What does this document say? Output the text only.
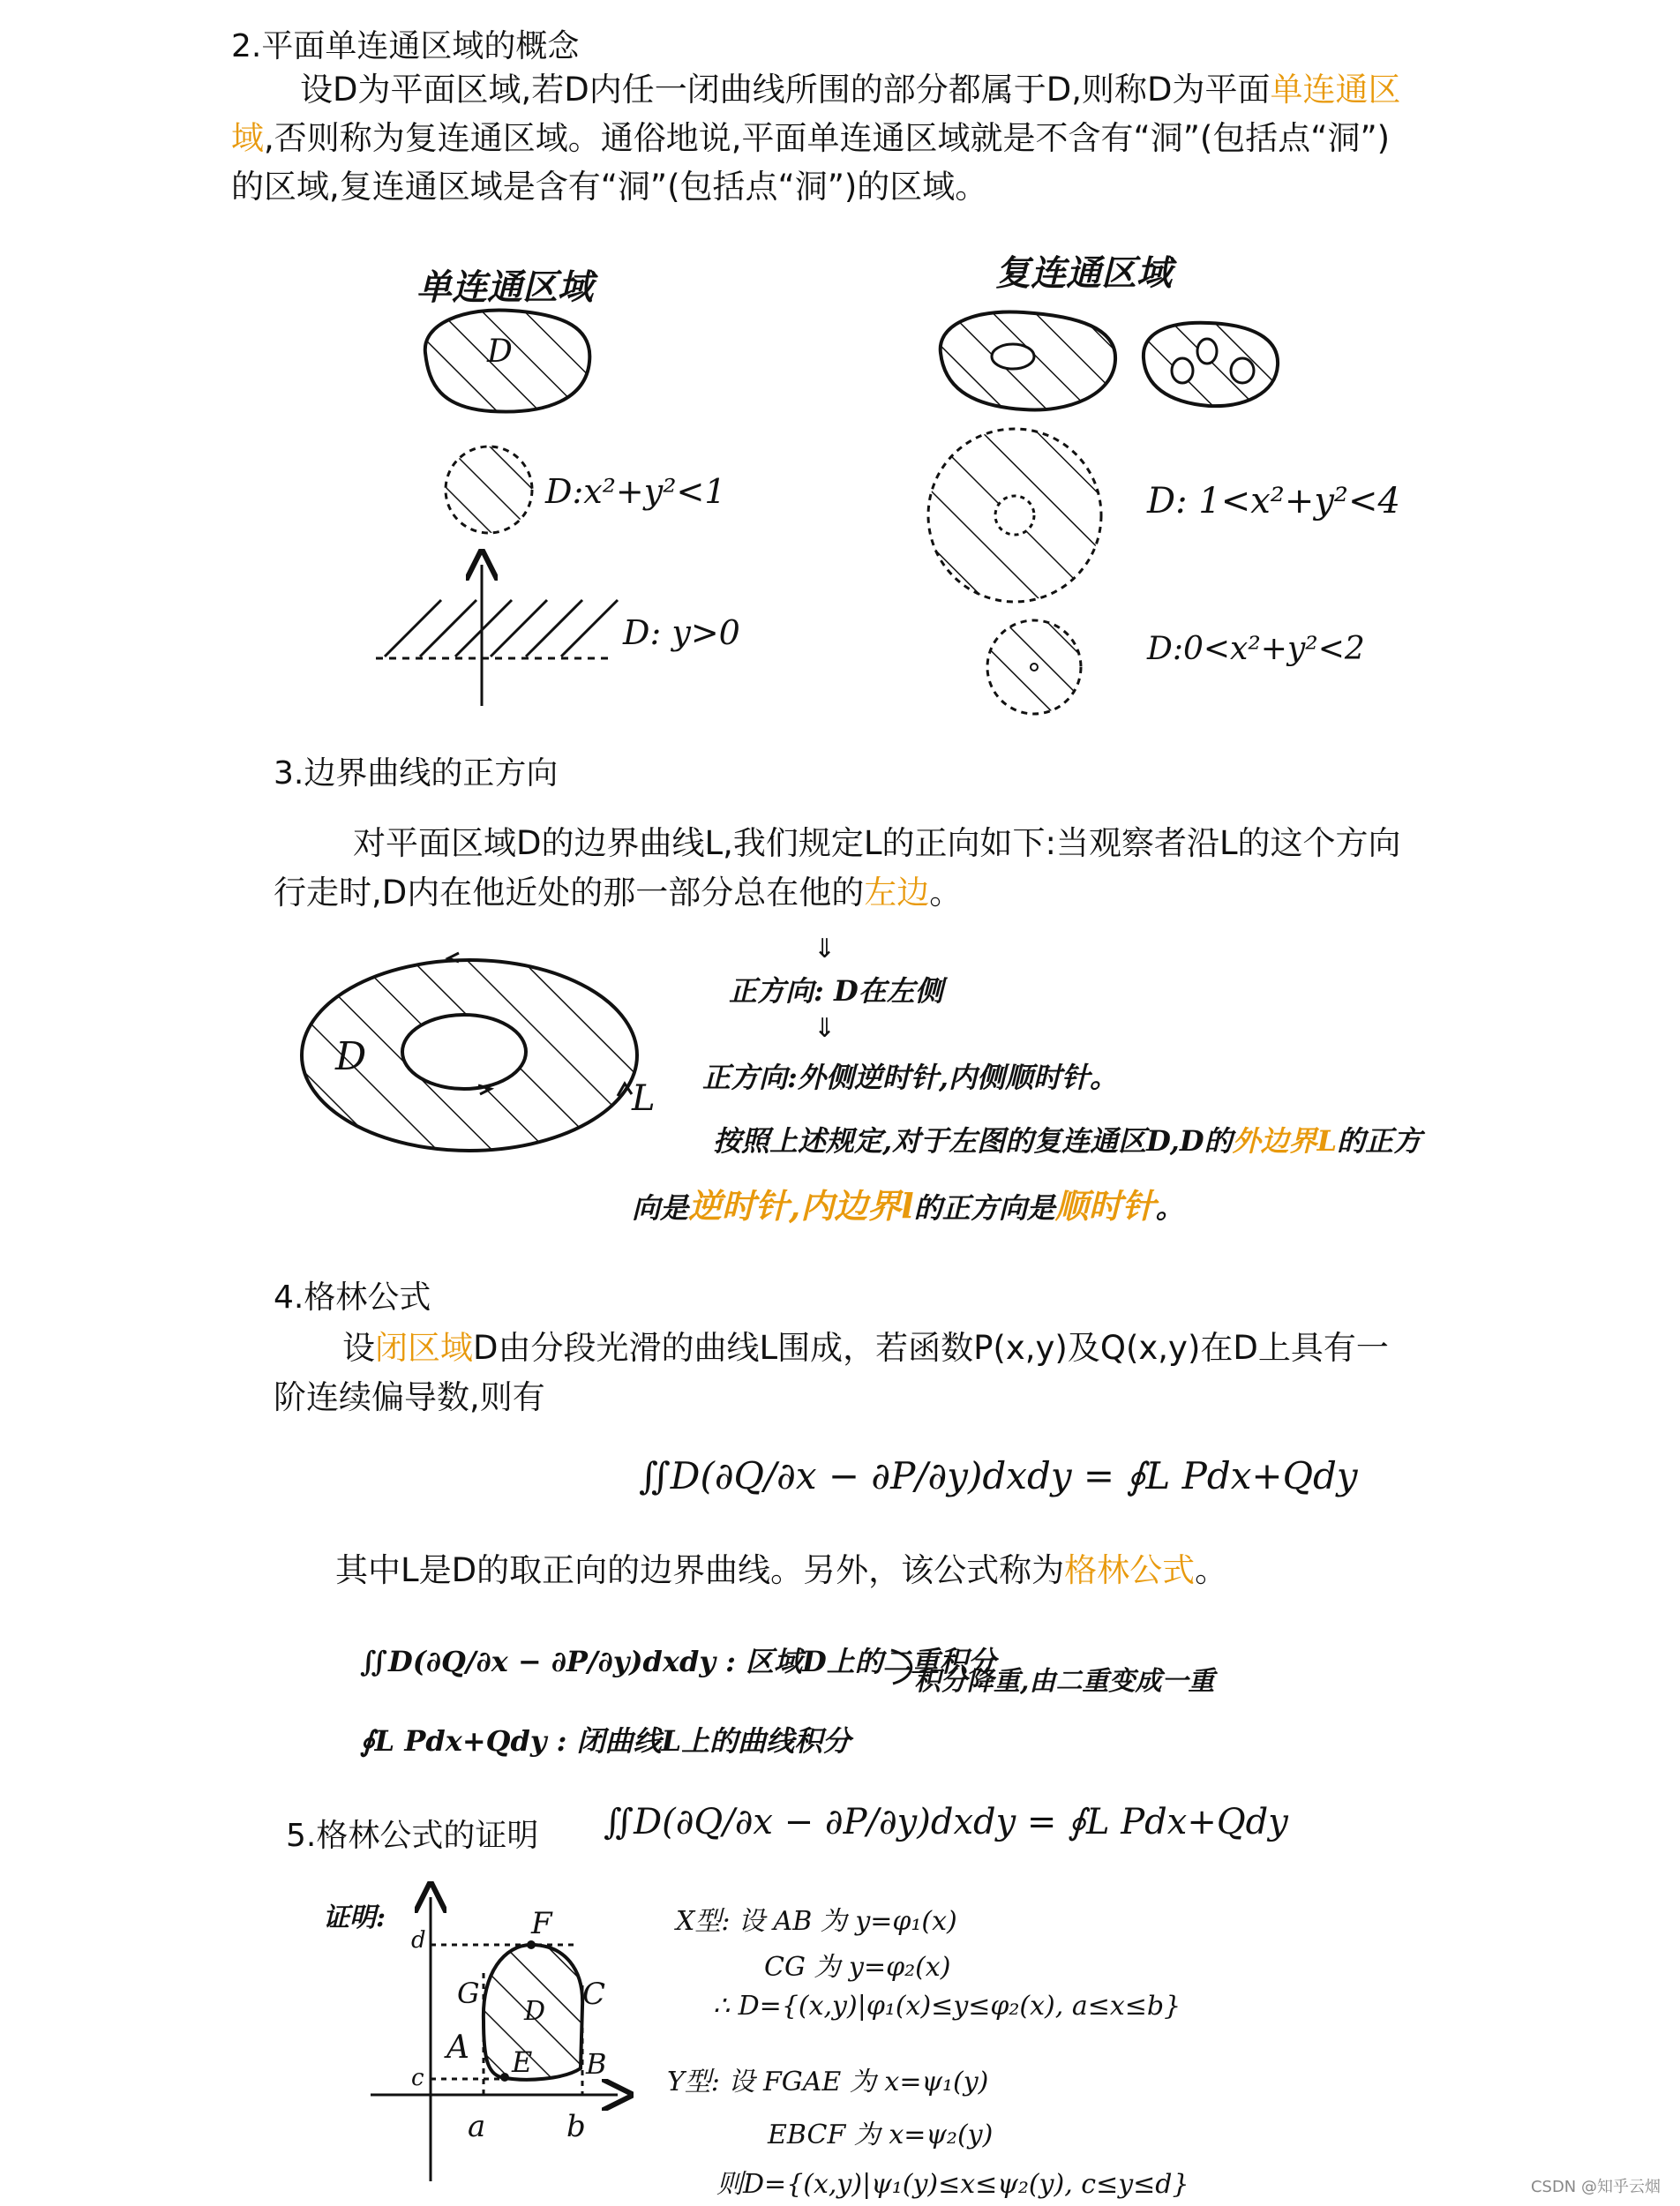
2.平面单连通区域的概念
设D为平面区域,若D内任一闭曲线所围的部分都属于D,则称D为平面单连通区
域,否则称为复连通区域。通俗地说,平面单连通区域就是不含有“洞”(包括点“洞”)
的区域,复连通区域是含有“洞”(包括点“洞”)的区域。
单连通区域	复连通区域
D:x²+y²<1
D: y>0
D: 1<x²+y²<4
D:0<x²+y²<2
3.边界曲线的正方向
对平面区域D的边界曲线L,我们规定L的正向如下:当观察者沿L的这个方向
行走时,D内在他近处的那一部分总在他的左边。
L
⇓
⇓
正方向: D在左侧
正方向:外侧逆时针,内侧顺时针。
按照上述规定,对于左图的复连通区D,D的外边界L的正方
向是逆时针,内边界l的正方向是顺时针。
4.格林公式
设闭区域D由分段光滑的曲线L围成，若函数P(x,y)及Q(x,y)在D上具有一
阶连续偏导数,则有
∬D(∂Q/∂x − ∂P/∂y)dxdy = ∮L Pdx+Qdy
其中L是D的取正向的边界曲线。另外，该公式称为格林公式。
∬D(∂Q/∂x − ∂P/∂y)dxdy : 区域D上的二重积分
∮L Pdx+Qdy : 闭曲线L上的曲线积分
积分降重,由二重变成一重
5.格林公式的证明 ∬D(∂Q/∂x − ∂P/∂y)dxdy = ∮L Pdx+Qdy
证明:	F
G	C
A	B
c
d
a	b
X型: 设 AB 为 y=φ₁(x)
CG 为 y=φ₂(x)
∴ D={(x,y)|φ₁(x)≤y≤φ₂(x), a≤x≤b}
Y型: 设 FGAE 为 x=ψ₁(y)
EBCF 为 x=ψ₂(y)
则D={(x,y)|ψ₁(y)≤x≤ψ₂(y), c≤y≤d}	CSDN @知乎云烟
